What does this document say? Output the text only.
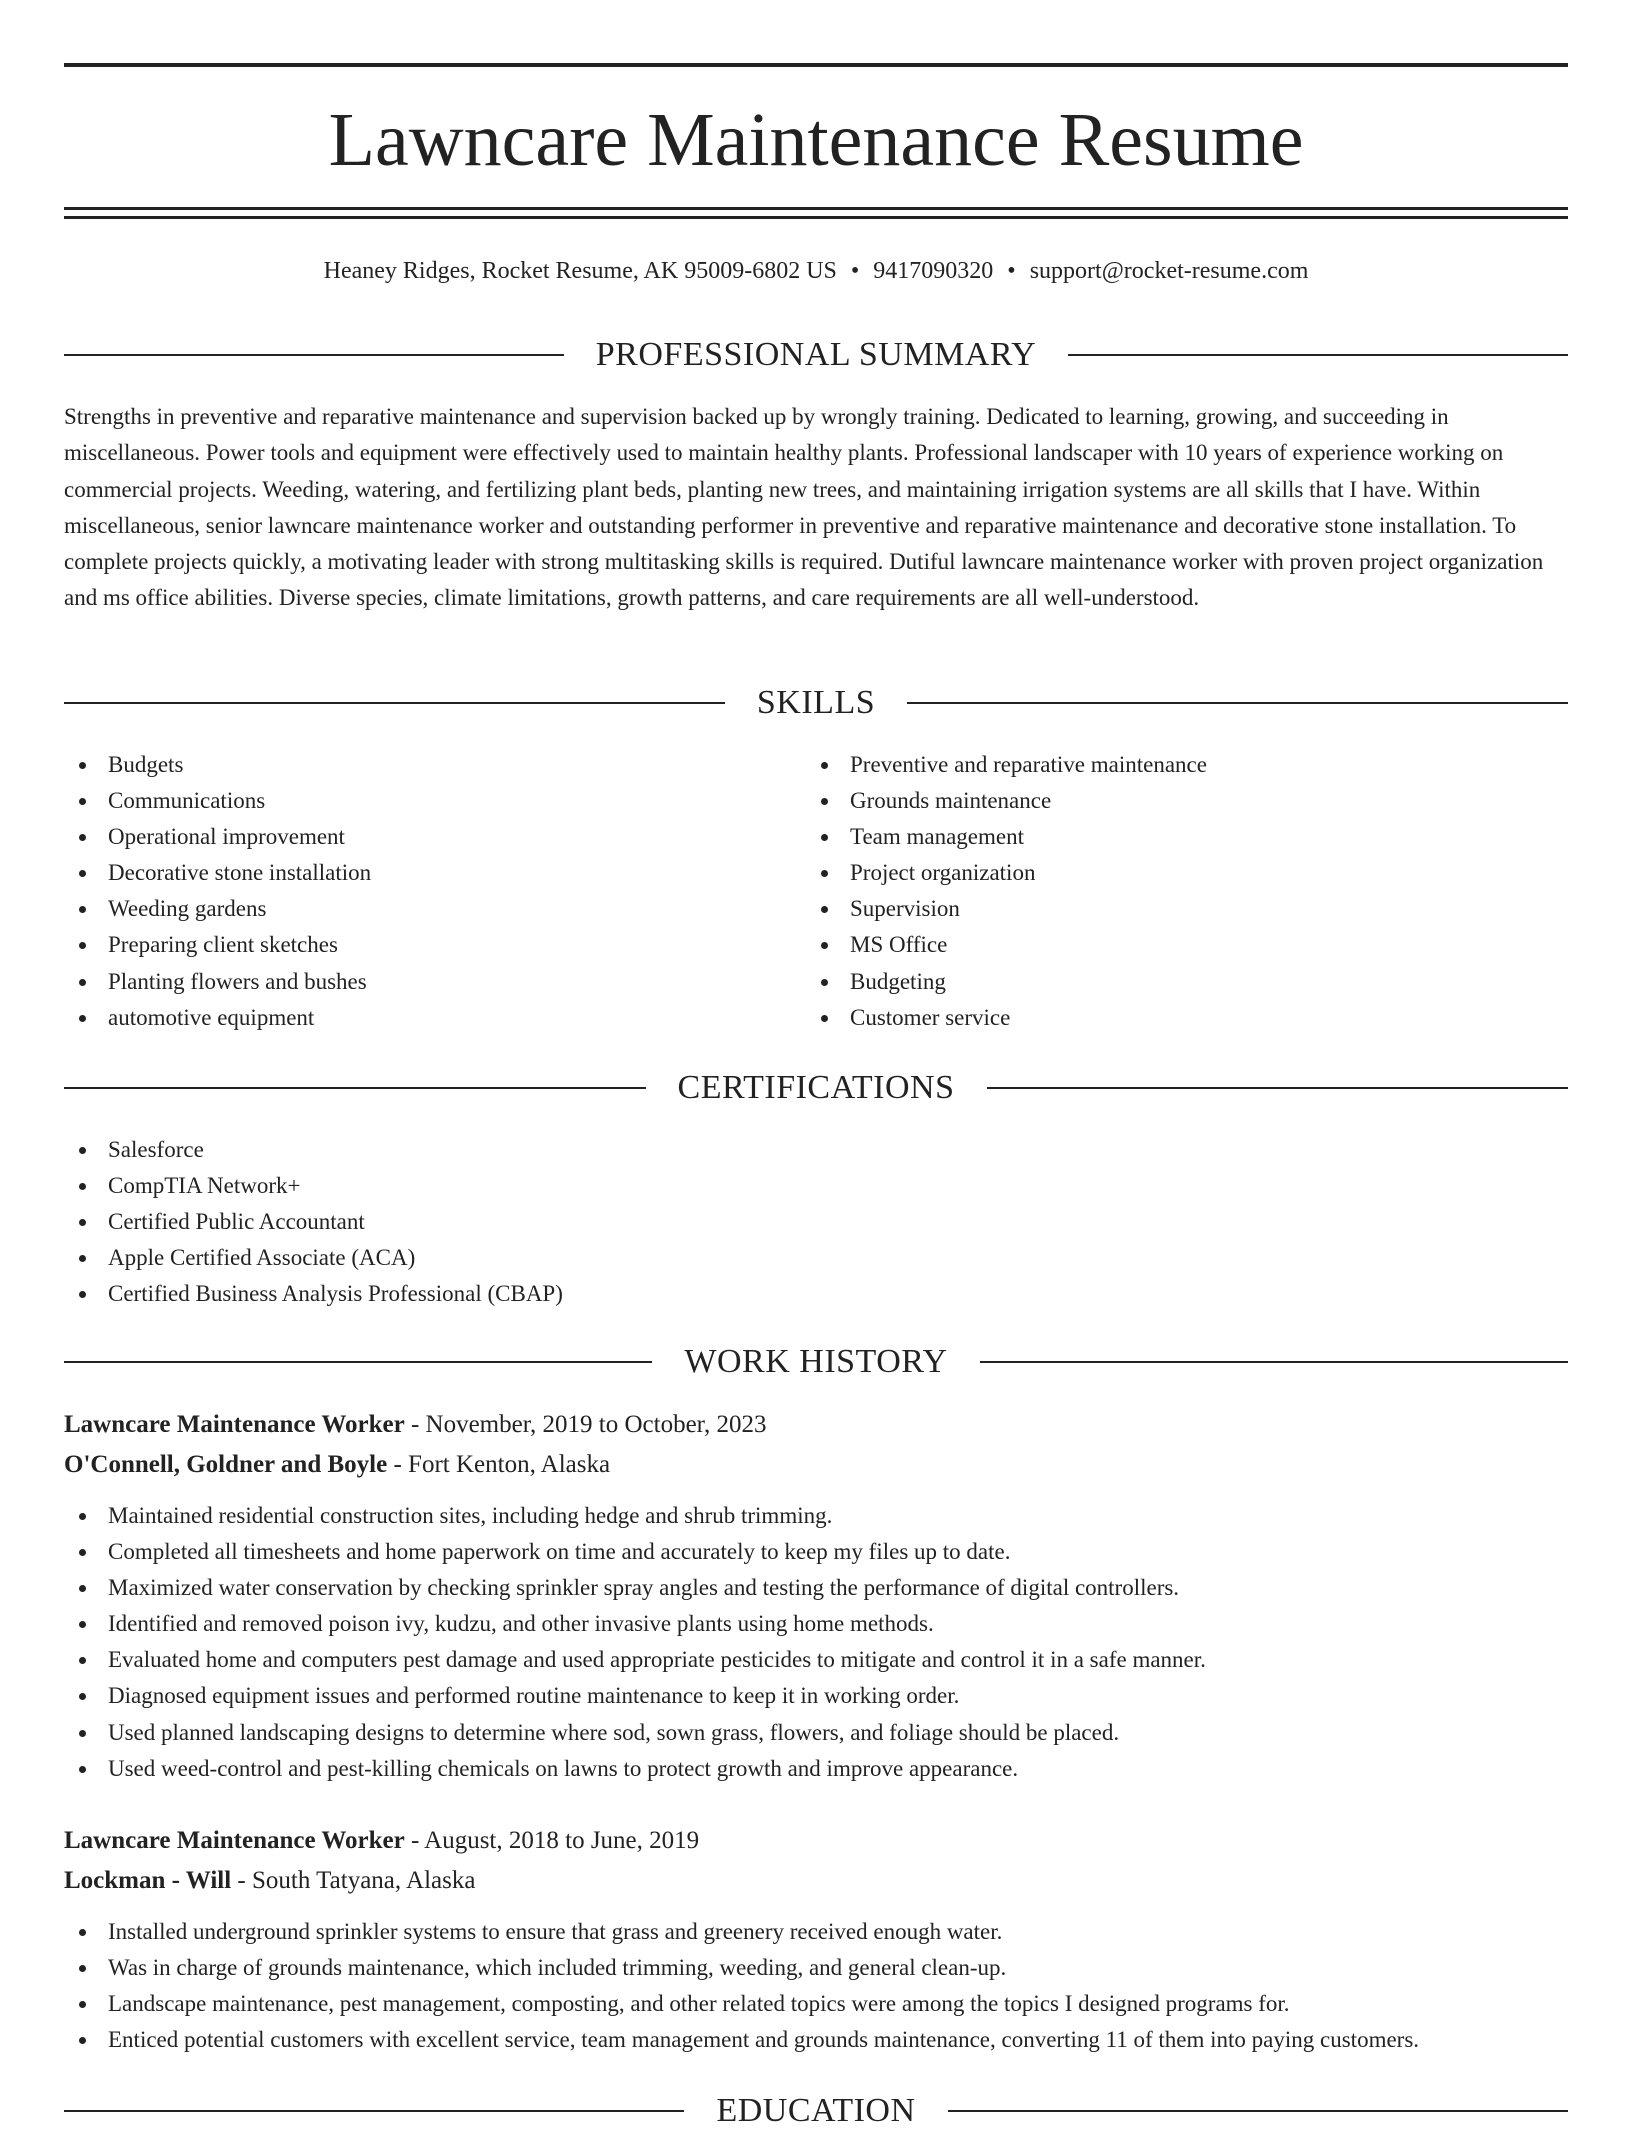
Lawncare Maintenance Resume
Heaney Ridges, Rocket Resume, AK 95009-6802 US • 9417090320 • support@rocket-resume.com
PROFESSIONAL SUMMARY

Strengths in preventive and reparative maintenance and supervision backed up by wrongly training. Dedicated to learning, growing, and succeeding in miscellaneous. Power tools and equipment were effectively used to maintain healthy plants. Professional landscaper with 10 years of experience working on commercial projects. Weeding, watering, and fertilizing plant beds, planting new trees, and maintaining irrigation systems are all skills that I have. Within miscellaneous, senior lawncare maintenance worker and outstanding performer in preventive and reparative maintenance and decorative stone installation. To complete projects quickly, a motivating leader with strong multitasking skills is required. Dutiful lawncare maintenance worker with proven project organization and ms office abilities. Diverse species, climate limitations, growth patterns, and care requirements are all well-understood.

SKILLS
Budgets
Communications
Operational improvement
Decorative stone installation
Weeding gardens
Preparing client sketches
Planting flowers and bushes
automotive equipment
Preventive and reparative maintenance
Grounds maintenance
Team management
Project organization
Supervision
MS Office
Budgeting
Customer service
CERTIFICATIONS
Salesforce
CompTIA Network+
Certified Public Accountant
Apple Certified Associate (ACA)
Certified Business Analysis Professional (CBAP)
WORK HISTORY
Lawncare Maintenance Worker - November, 2019 to October, 2023
O'Connell, Goldner and Boyle - Fort Kenton, Alaska
Maintained residential construction sites, including hedge and shrub trimming.
Completed all timesheets and home paperwork on time and accurately to keep my files up to date.
Maximized water conservation by checking sprinkler spray angles and testing the performance of digital controllers.
Identified and removed poison ivy, kudzu, and other invasive plants using home methods.
Evaluated home and computers pest damage and used appropriate pesticides to mitigate and control it in a safe manner.
Diagnosed equipment issues and performed routine maintenance to keep it in working order.
Used planned landscaping designs to determine where sod, sown grass, flowers, and foliage should be placed.
Used weed-control and pest-killing chemicals on lawns to protect growth and improve appearance.
Lawncare Maintenance Worker - August, 2018 to June, 2019
Lockman - Will - South Tatyana, Alaska
Installed underground sprinkler systems to ensure that grass and greenery received enough water.
Was in charge of grounds maintenance, which included trimming, weeding, and general clean-up.
Landscape maintenance, pest management, composting, and other related topics were among the topics I designed programs for.
Enticed potential customers with excellent service, team management and grounds maintenance, converting 11 of them into paying customers.
EDUCATION
